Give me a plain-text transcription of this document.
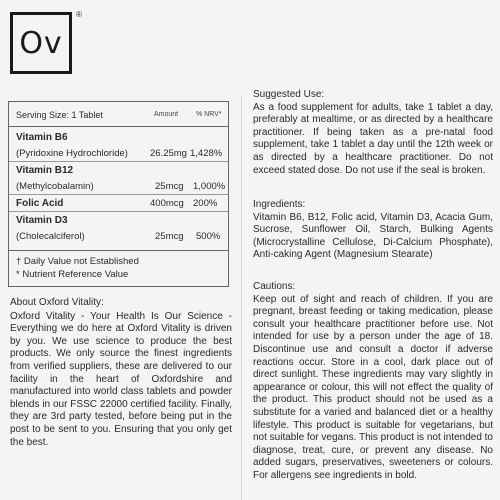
Ov
®
Serving Size: 1 Tablet	Amount	% NRV*
Vitamin B6
(Pyridoxine Hydrochloride) 26.25mg 1,428%
Vitamin B12
(Methylcobalamin)	25mcg 1,000%
Folic Acid	400mcg 200%
Vitamin D3
(Cholecalciferol)	25mcg 500%
† Daily Value not Established
* Nutrient Reference Value

About Oxford Vitality:

Oxford Vitality - Your Health Is Our Science - Everything we do here at Oxford Vitality is driven by you. We use science to produce the best products. We only source the finest ingredients from verified suppliers, these are delivered to our facility in the heart of Oxfordshire and manufactured into world class tablets and powder blends in our FSSC 22000 certified facility. Finally, they are 3rd party tested, before being put in the post to be sent to you. Ensuring that you only get the best.

Suggested Use:

As a food supplement for adults, take 1 tablet a day, preferably at mealtime, or as directed by a healthcare practitioner. If being taken as a pre-natal food supplement, take 1 tablet a day until the 12th week or as directed by a healthcare practitioner. Do not exceed stated dose. Do not use if the seal is broken.

Ingredients:

Vitamin B6, B12, Folic acid, Vitamin D3, Acacia Gum, Sucrose, Sunflower Oil, Starch, Bulking Agents (Microcrystalline Cellulose, Di-Calcium Phosphate), Anti-caking Agent (Magnesium Stearate)

Cautions:

Keep out of sight and reach of children. If you are pregnant, breast feeding or taking medication, please consult your healthcare practitioner before use. Not intended for use by a person under the age of 18. Discontinue use and consult a doctor if adverse reactions occur. Store in a cool, dark place out of direct sunlight. These ingredients may vary slightly in appearance or colour, this will not effect the quality of the product. This product should not be used as a substitute for a varied and balanced diet or a healthy lifestyle. This product is suitable for vegetarians, but not suitable for vegans. This product is not intended to diagnose, treat, cure, or prevent any disease. No added sugars, preservatives, sweeteners or colours. For allergens see ingredients in bold.
